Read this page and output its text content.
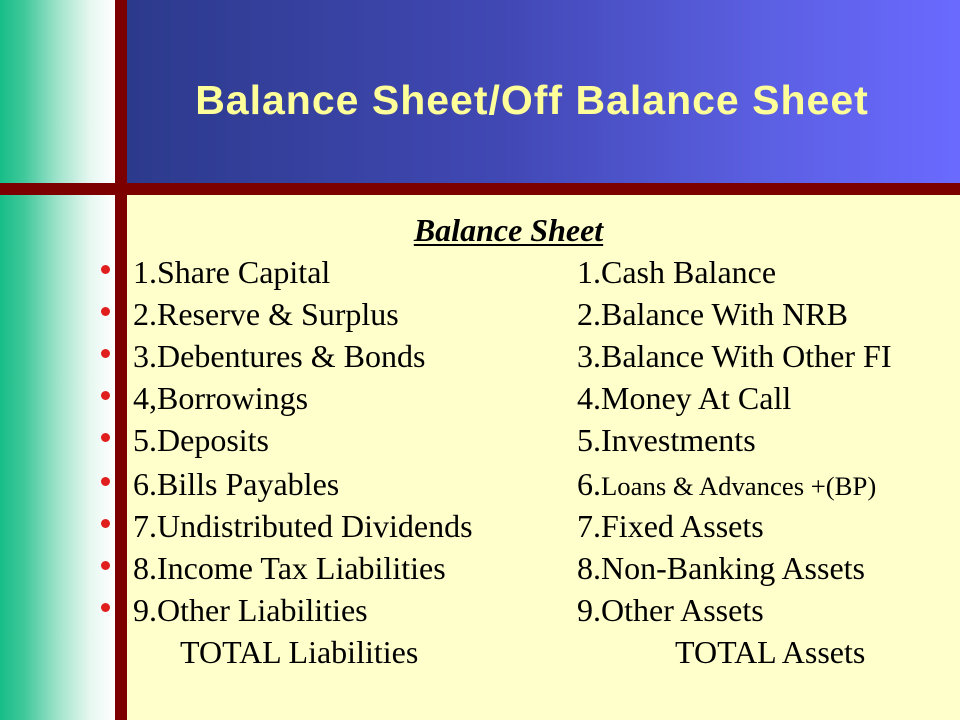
Balance Sheet/Off Balance Sheet
Balance Sheet
1.Share Capital	1.Cash Balance
2.Reserve & Surplus	2.Balance With NRB
3.Debentures & Bonds	3.Balance With Other FI
4,Borrowings	4.Money At Call
5.Deposits	5.Investments
6.Bills Payables	6.Loans & Advances +(BP)
7.Undistributed Dividends	7.Fixed Assets
8.Income Tax Liabilities	8.Non-Banking Assets
9.Other Liabilities	9.Other Assets
TOTAL Liabilities	TOTAL Assets
